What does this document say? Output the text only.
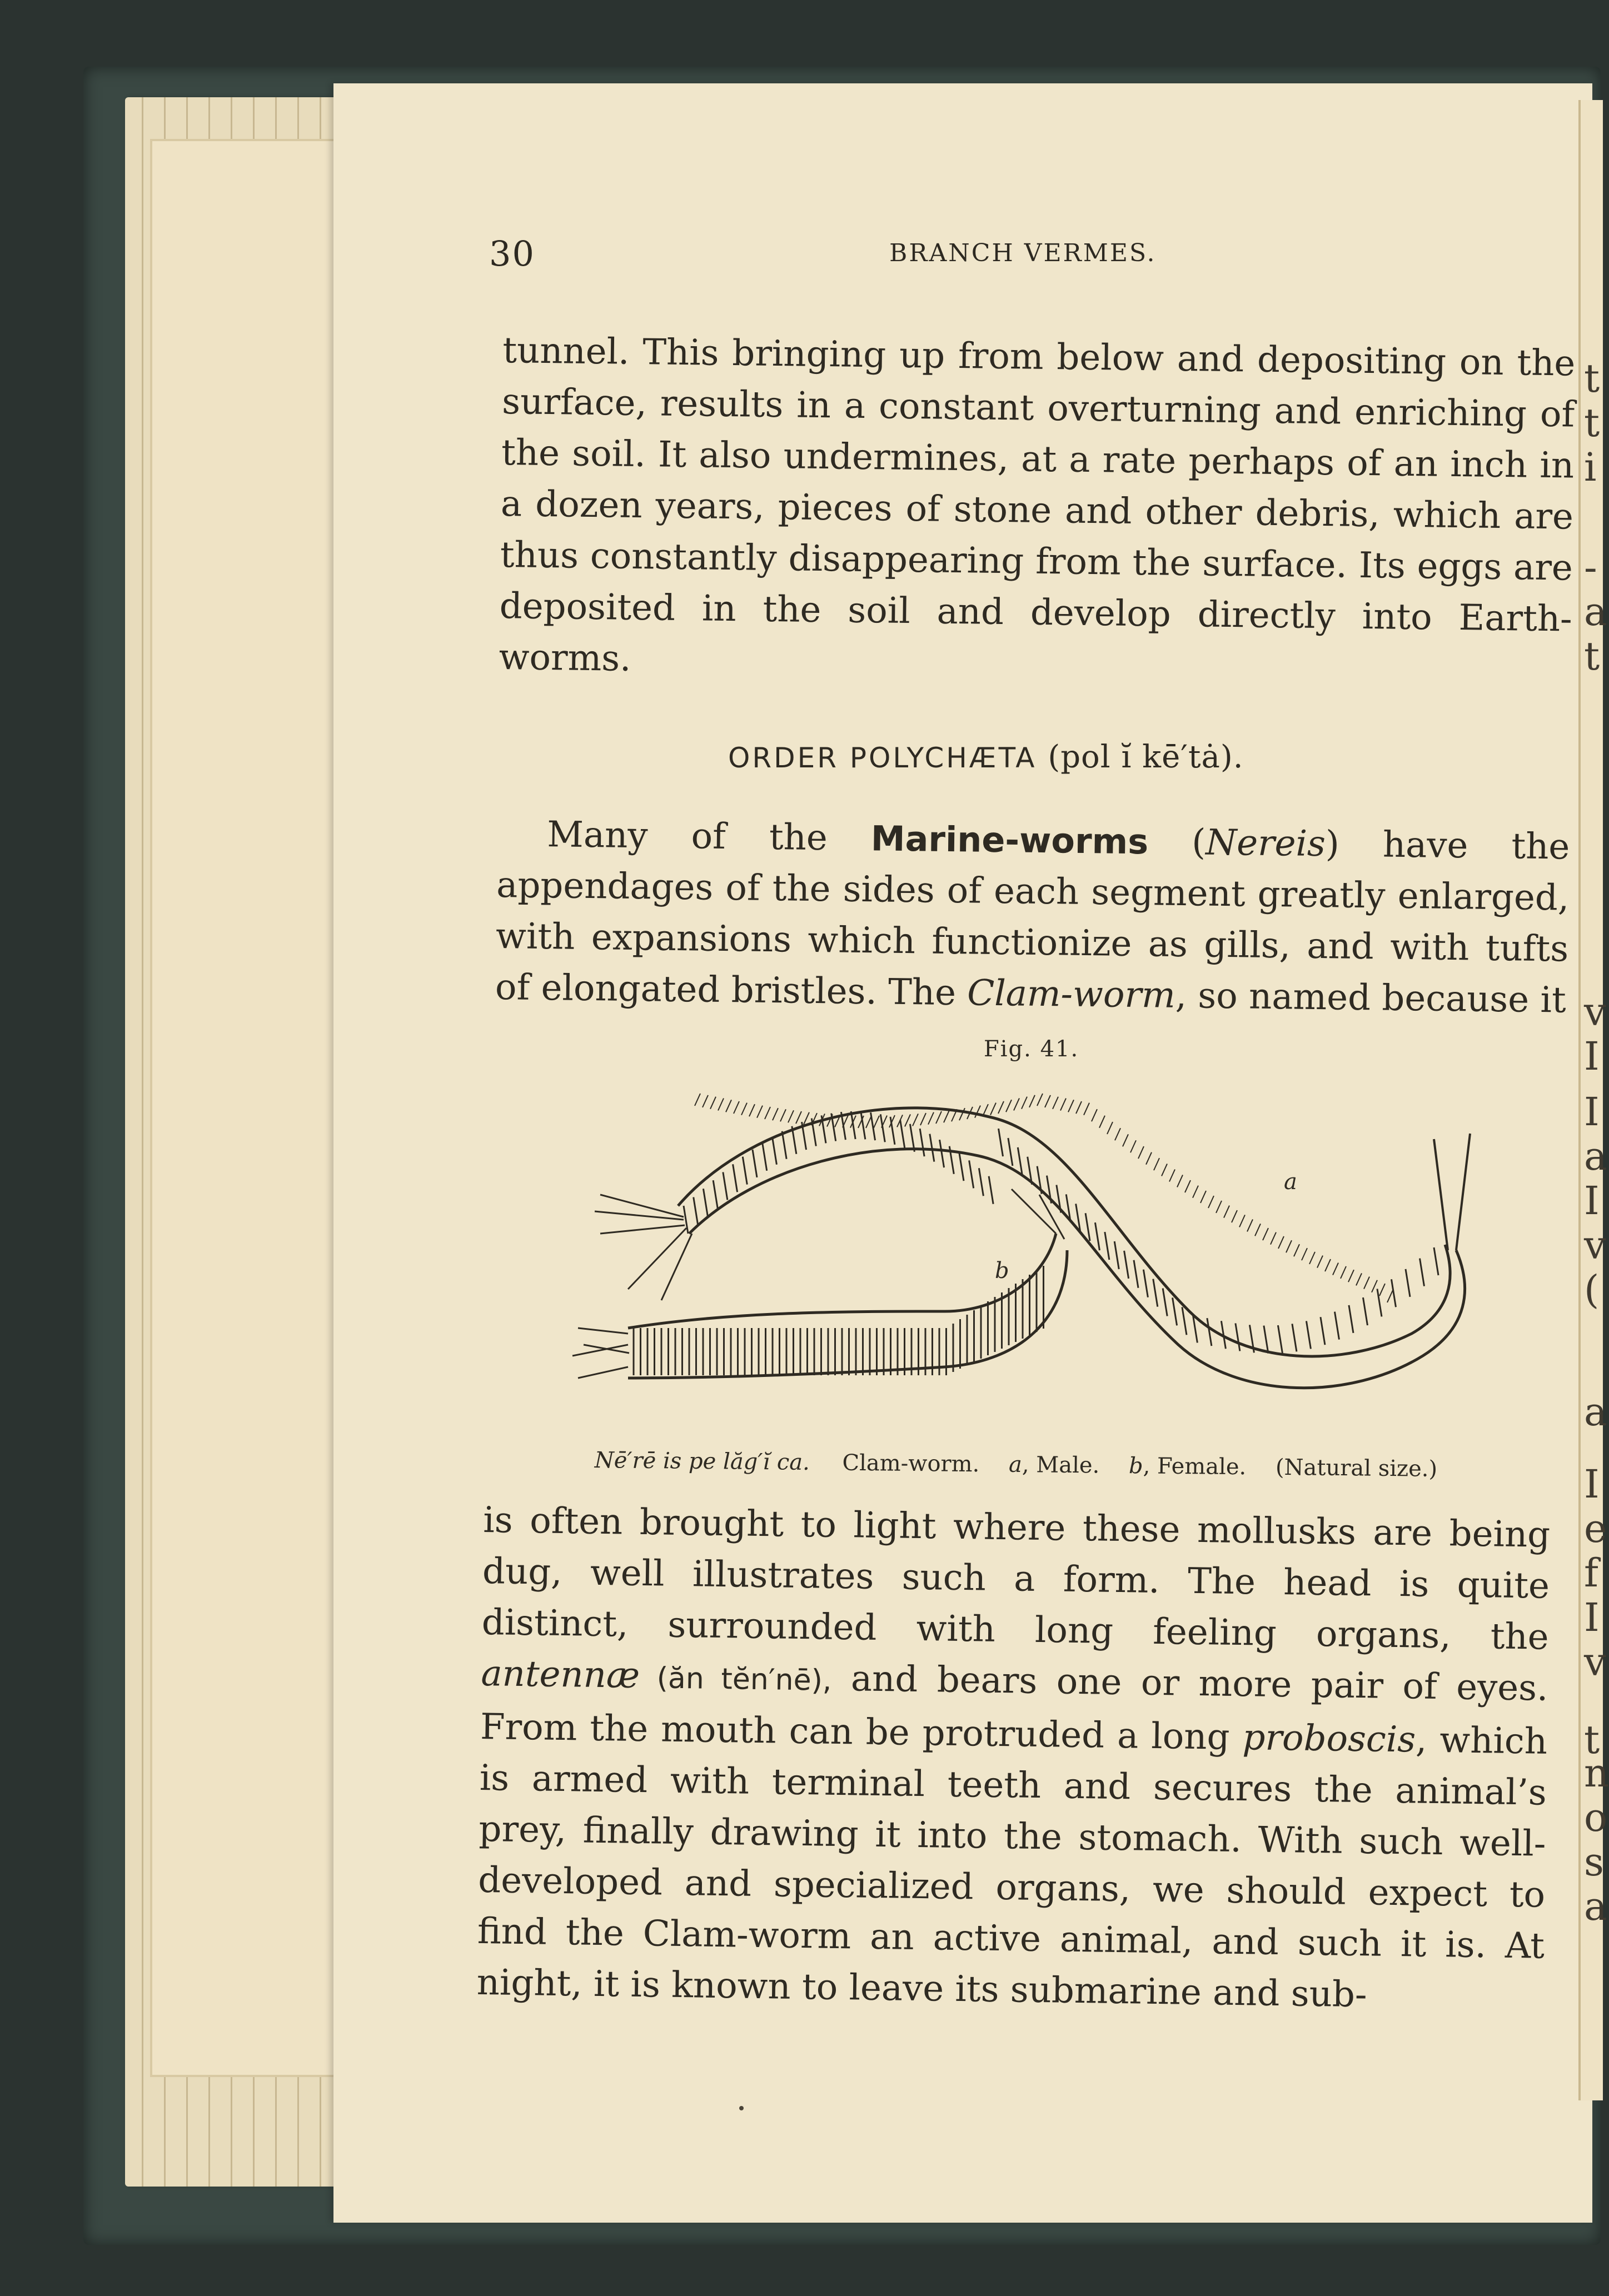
t
t
i
-
a
t
v
I
I
a
I
v
(
a
I
e
f
I
v
t
n
o
s
a
30	BRANCH VERMES.
tunnel. This bringing up from below and depositing on the surface, results in a constant overturning and enriching of the soil. It also undermines, at a rate perhaps of an inch in a dozen years, pieces of stone and other debris, which are thus constantly disappearing from the surface. Its eggs are deposited in the soil and develop directly into Earth-worms.
ORDER POLYCHÆTA (pol ĭ kē′tȧ).
Many of the Marine-worms (Nereis) have the appendages of the sides of each segment greatly enlarged, with expansions which functionize as gills, and with tufts of elongated bristles. The Clam-worm, so named because it
Fig. 41.
a
b
Nē′rē is pe lăg′ĭ ca. Clam-worm. a, Male. b, Female. (Natural size.)
is often brought to light where these mollusks are being dug, well illustrates such a form. The head is quite distinct, surrounded with long feeling organs, the antennæ (ăn tĕn′nē), and bears one or more pair of eyes. From the mouth can be protruded a long proboscis, which is armed with terminal teeth and secures the animal’s prey, finally drawing it into the stomach. With such well-developed and specialized organs, we should expect to find the Clam-worm an active animal, and such it is. At night, it is known to leave its submarine and sub-
